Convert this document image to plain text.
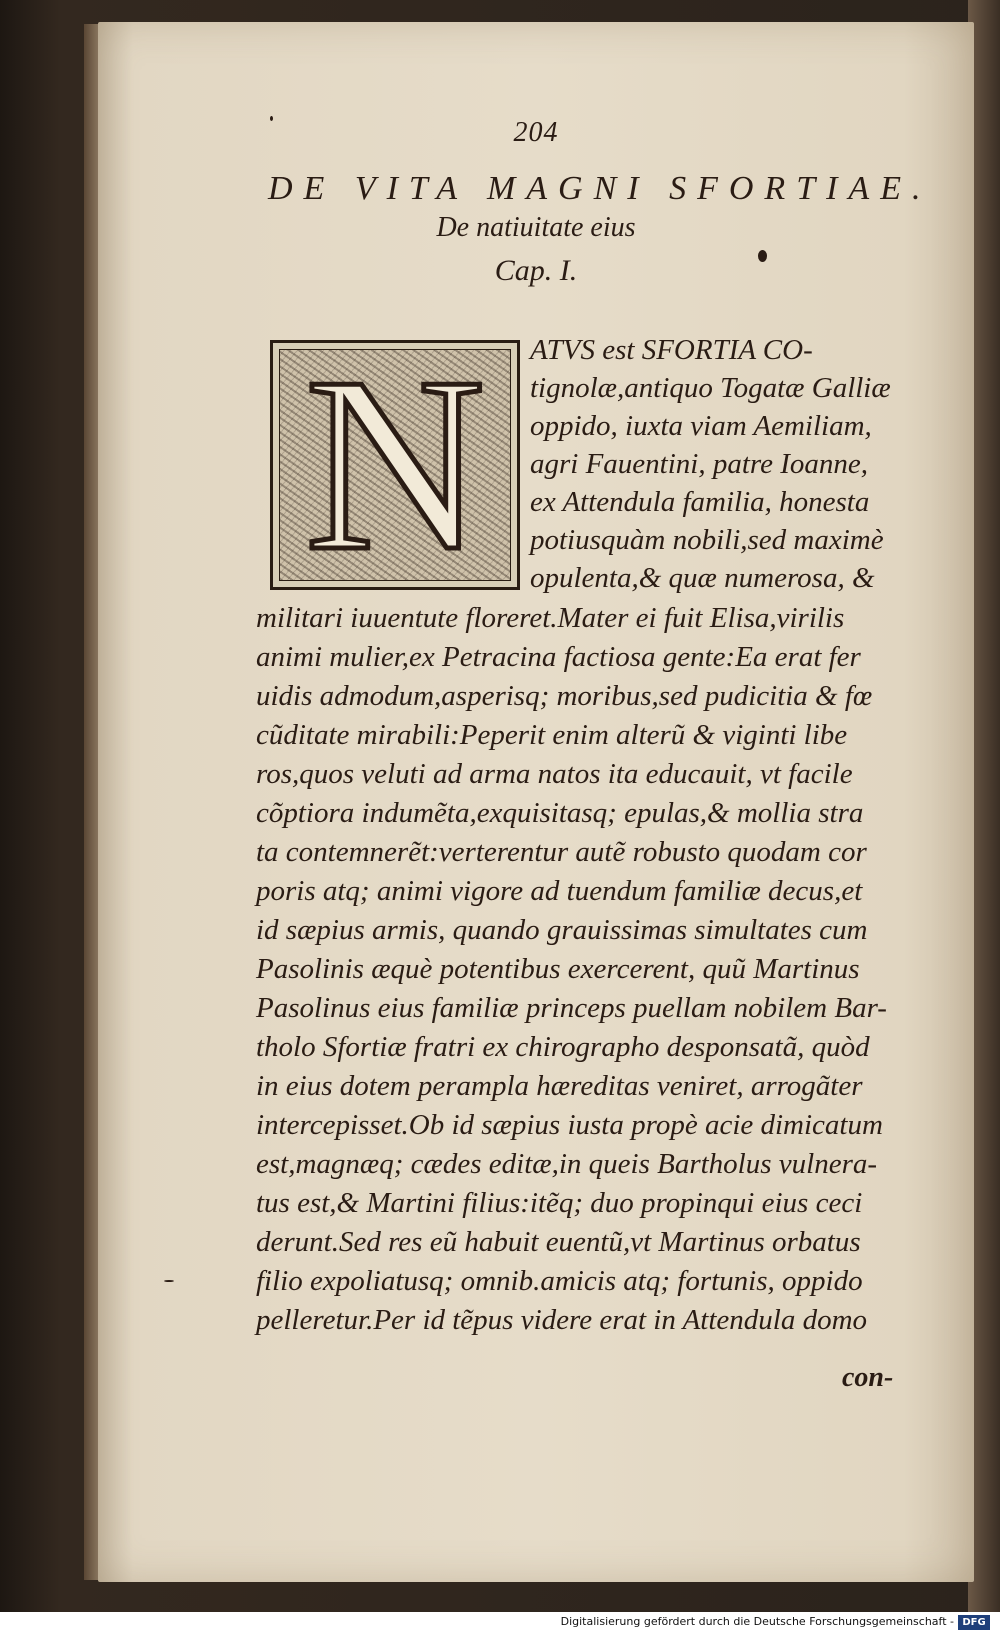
204
DE VITA MAGNI SFORTIAE.
De natiuitate eius
Cap. I.
N	ATVS est SFORTIA CO-
tignolæ,antiquo Togatæ Galliæ
oppido, iuxta viam Aemiliam,
agri Fauentini, patre Ioanne,
ex Attendula familia, honesta
potiusquàm nobili,sed maximè
opulenta,& quæ numerosa, &
militari iuuentute floreret.Mater ei fuit Elisa,virilis
animi mulier,ex Petracina factiosa gente:Ea erat fer
uidis admodum,asperisq; moribus,sed pudicitia & fœ
cũditate mirabili:Peperit enim alterũ & viginti libe
ros,quos veluti ad arma natos ita educauit, vt facile
cõptiora indumẽta,exquisitasq; epulas,& mollia stra
ta contemnerẽt:verterentur autẽ robusto quodam cor
poris atq; animi vigore ad tuendum familiæ decus,et
id sæpius armis, quando grauissimas simultates cum
Pasolinis æquè potentibus exercerent, quũ Martinus
Pasolinus eius familiæ princeps puellam nobilem Bar-
tholo Sfortiæ fratri ex chirographo desponsatã, quòd
in eius dotem perampla hæreditas veniret, arrogãter
intercepisset.Ob id sæpius iusta propè acie dimicatum
est,magnæq; cædes editæ,in queis Bartholus vulnera-
tus est,& Martini filius:itẽq; duo propinqui eius ceci
derunt.Sed res eũ habuit euentũ,vt Martinus orbatus
filio expoliatusq; omnib.amicis atq; fortunis, oppido
pelleretur.Per id tẽpus videre erat in Attendula domo
con-
Digitalisierung gefördert durch die Deutsche Forschungsgemeinschaft - DFG
